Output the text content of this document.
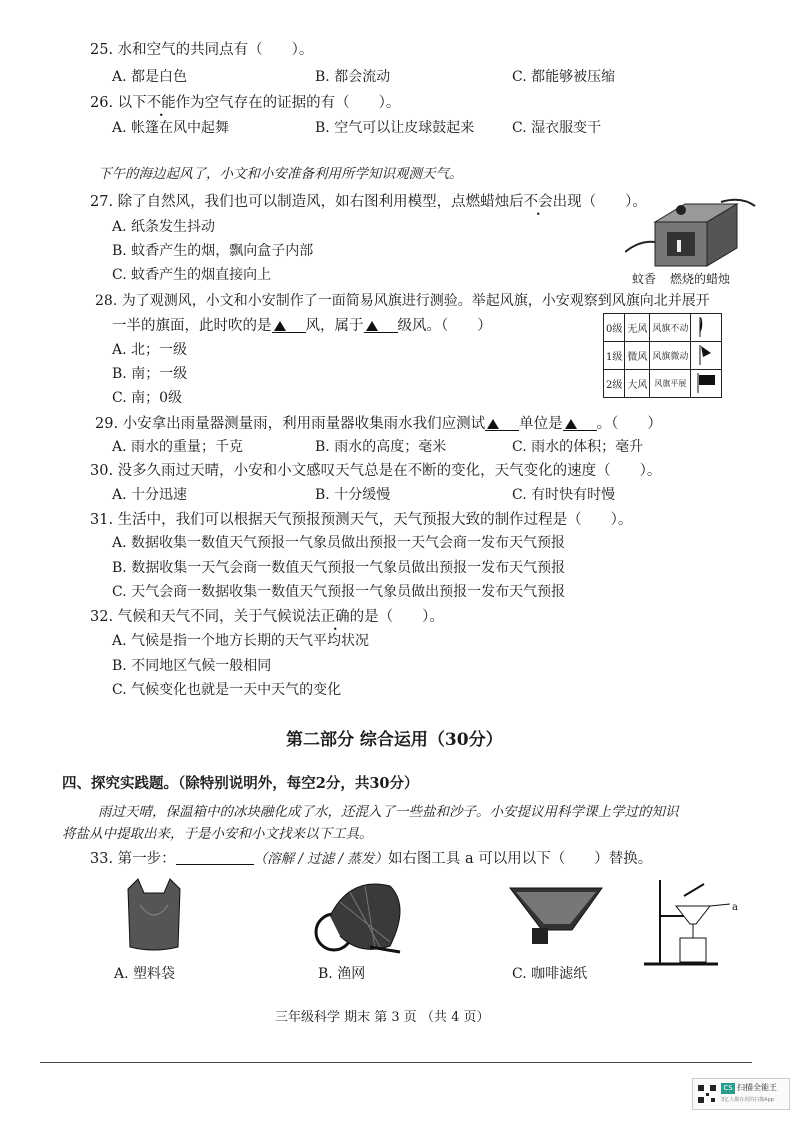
25. 水和空气的共同点有（　　）。
A. 都是白色	B. 都会流动	C. 都能够被压缩
26. 以下不能作为空气存在的证据的有（　　）。
A. 帐篷在风中起舞	B. 空气可以让皮球鼓起来	C. 湿衣服变干
下午的海边起风了，小文和小安准备利用所学知识观测天气。
27. 除了自然风，我们也可以制造风，如右图利用模型，点燃蜡烛后不会出现（　　）。
A. 纸条发生抖动
B. 蚊香产生的烟，飘向盒子内部
C. 蚊香产生的烟直接向上	蚊香 燃烧的蜡烛
28. 为了观测风，小文和小安制作了一面简易风旗进行测验。举起风旗，小安观察到风旗向北并展开
一半的旗面，此时吹的是 风，属于 级风。（　　）
A. 北；一级
B. 南；一级
C. 南；0级
0级	无风	风旗不动	
1级	微风	风旗微动	
2级	大风	风旗平展	
29. 小安拿出雨量器测量雨，利用雨量器收集雨水我们应测试 单位是 。（　　）
A. 雨水的重量；千克	B. 雨水的高度；毫米	C. 雨水的体积；毫升
30. 没多久雨过天晴，小安和小文感叹天气总是在不断的变化，天气变化的速度（　　）。
A. 十分迅速	B. 十分缓慢	C. 有时快有时慢
31. 生活中，我们可以根据天气预报预测天气，天气预报大致的制作过程是（　　）。
A. 数据收集一数值天气预报一气象员做出预报一天气会商一发布天气预报
B. 数据收集一天气会商一数值天气预报一气象员做出预报一发布天气预报
C. 天气会商一数据收集一数值天气预报一气象员做出预报一发布天气预报
32. 气候和天气不同，关于气候说法正确的是（　　）。
A. 气候是指一个地方长期的天气平均状况
B. 不同地区气候一般相同
C. 气候变化也就是一天中天气的变化
第二部分 综合运用（30分）
四、探究实践题。（除特别说明外，每空2分，共30分）
雨过天晴，保温箱中的冰块融化成了水，还混入了一些盐和沙子。小安提议用科学课上学过的知识
将盐从中提取出来，于是小安和小文找来以下工具。
33. 第一步：	（溶解 / 过滤 / 蒸发）如右图工具 a 可以用以下（　　）替换。
a
A. 塑料袋	B. 渔网	C. 咖啡滤纸
三年级科学 期末 第 3 页 （共 4 页）
CS 扫描全能王
3亿人都在用的扫描App
